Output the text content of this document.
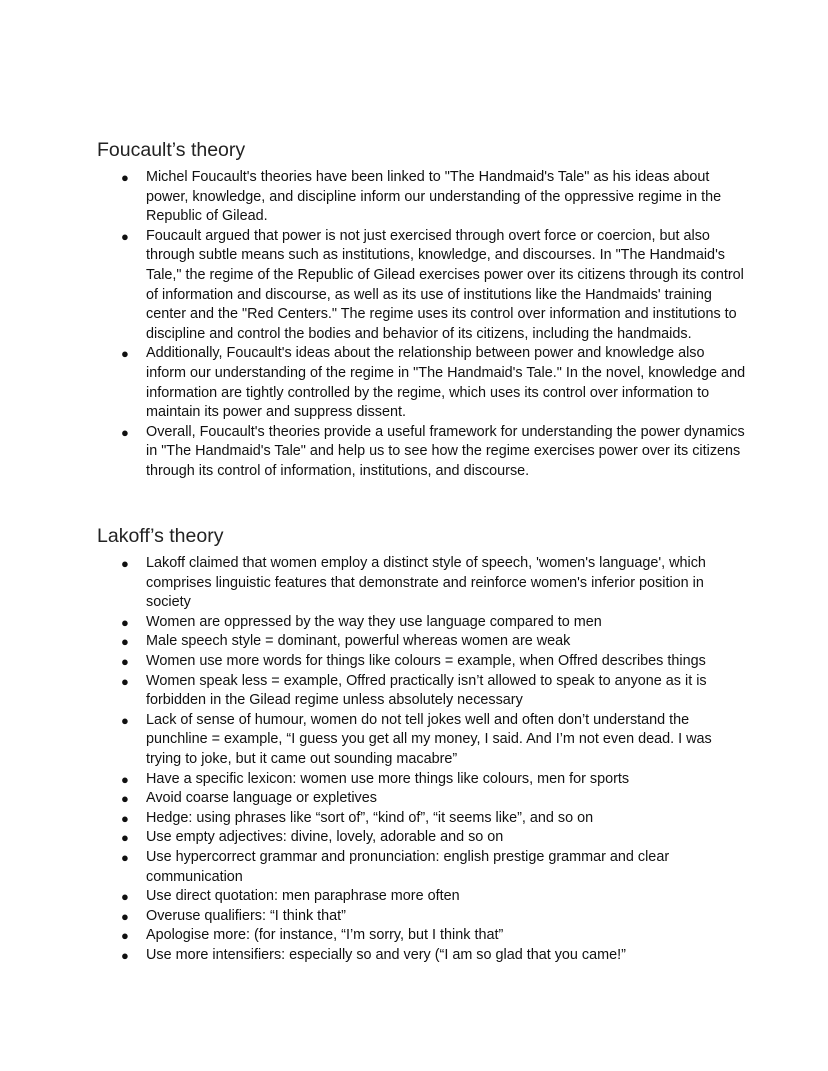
Foucault’s theory
● Michel Foucault's theories have been linked to "The Handmaid's Tale" as his ideas about power, knowledge, and discipline inform our understanding of the oppressive regime in the Republic of Gilead.
● Foucault argued that power is not just exercised through overt force or coercion, but also through subtle means such as institutions, knowledge, and discourses. In "The Handmaid's Tale," the regime of the Republic of Gilead exercises power over its citizens through its control of information and discourse, as well as its use of institutions like the Handmaids' training center and the "Red Centers." The regime uses its control over information and institutions to discipline and control the bodies and behavior of its citizens, including the handmaids.
● Additionally, Foucault's ideas about the relationship between power and knowledge also inform our understanding of the regime in "The Handmaid's Tale." In the novel, knowledge and information are tightly controlled by the regime, which uses its control over information to maintain its power and suppress dissent.
● Overall, Foucault's theories provide a useful framework for understanding the power dynamics in "The Handmaid's Tale" and help us to see how the regime exercises power over its citizens through its control of information, institutions, and discourse.
Lakoff’s theory
● Lakoff claimed that women employ a distinct style of speech, 'women's language', which comprises linguistic features that demonstrate and reinforce women's inferior position in society
● Women are oppressed by the way they use language compared to men
● Male speech style = dominant, powerful whereas women are weak
● Women use more words for things like colours = example, when Offred describes things
● Women speak less = example, Offred practically isn’t allowed to speak to anyone as it is forbidden in the Gilead regime unless absolutely necessary
● Lack of sense of humour, women do not tell jokes well and often don’t understand the punchline = example, “I guess you get all my money, I said. And I’m not even dead. I was trying to joke, but it came out sounding macabre”
● Have a specific lexicon: women use more things like colours, men for sports
● Avoid coarse language or expletives
● Hedge: using phrases like “sort of”, “kind of”, “it seems like”, and so on
● Use empty adjectives: divine, lovely, adorable and so on
● Use hypercorrect grammar and pronunciation: english prestige grammar and clear communication
● Use direct quotation: men paraphrase more often
● Overuse qualifiers: “I think that”
● Apologise more: (for instance, “I’m sorry, but I think that”
● Use more intensifiers: especially so and very (“I am so glad that you came!”
